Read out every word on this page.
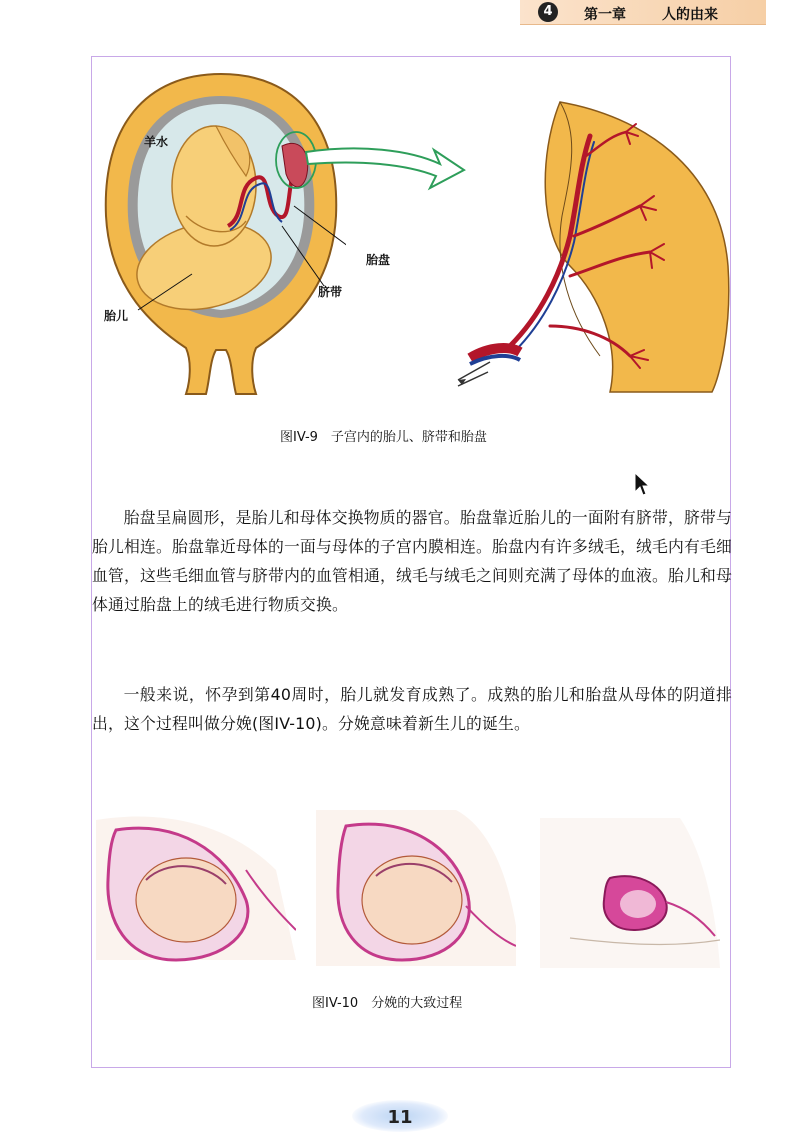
4	第一章	人的由来
羊水
脐带
胎儿
胎盘
图IV-9　子宫内的胎儿、脐带和胎盘

胎盘呈扁圆形，是胎儿和母体交换物质的器官。胎盘靠近胎儿的一面附有脐带，脐带与胎儿相连。胎盘靠近母体的一面与母体的子宫内膜相连。胎盘内有许多绒毛，绒毛内有毛细血管，这些毛细血管与脐带内的血管相通，绒毛与绒毛之间则充满了母体的血液。胎儿和母体通过胎盘上的绒毛进行物质交换。

一般来说，怀孕到第40周时，胎儿就发育成熟了。成熟的胎儿和胎盘从母体的阴道排出，这个过程叫做分娩(图IV-10)。分娩意味着新生儿的诞生。

图IV-10　分娩的大致过程
11
